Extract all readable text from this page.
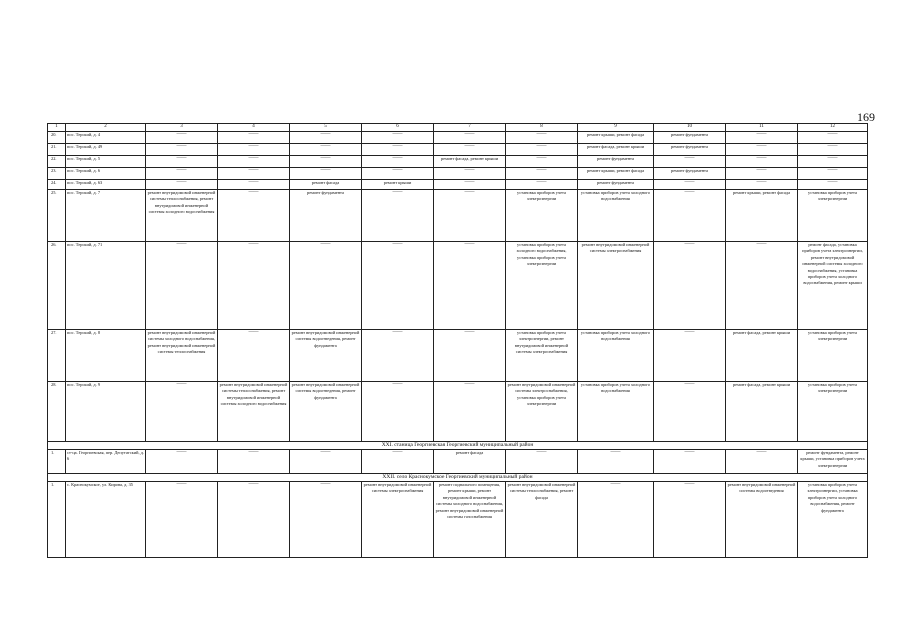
169
1	2	3	4	5	6	7	8	9	10	11	12
20.	пос. Терский, д. 4	——	——	——	——	——	——	ремонт крыши, ремонт фасада	ремонт фундамента	——	——

21.	пос. Терский, д. 49	——	——	——	——	——	——	ремонт фасада, ремонт крыши	ремонт фундамента	——	——

22.	пос. Терский, д. 5	——	——	——	——	ремонт фасада, ремонт крыши	——	ремонт фундамента	——	——	——

23.	пос. Терский, д. 6	——	——	——	——	——	——	ремонт крыши, ремонт фасада	ремонт фундамента	——	——

24.	пос. Терский, д. 63	——	——	ремонт фасада	ремонт крыши	——	——	ремонт фундамента	——	——	——

25.	пос. Терский, д. 7	ремонт внутридомовой инженерной системы теплоснабжения, ремонт внутридомовой инженерной системы холодного водоснабжения	——	ремонт фундамента	——	——	установка приборов учета электроэнергии	установка приборов учета холодного водоснабжения	——	ремонт крыши, ремонт фасада	установка приборов учета электроэнергии
26.	пос. Терский, д. 71	——	——	——	——	——	установка приборов учета холодного водоснабжения, установка приборов учета электроэнергии	ремонт внутридомовой инженерной системы электроснабжения	——	——	ремонт фасада, установка приборов учета электроэнергии, ремонт внутридомовой инженерной системы холодного водоснабжения, установка приборов учета холодного водоснабжения, ремонт крыши
27.	пос. Терский, д. 8	ремонт внутридомовой инженерной системы холодного водоснабжения, ремонт внутридомовой инженерной системы теплоснабжения	——	ремонт внутридомовой инженерной системы водоотведения, ремонт фундамента	——	——	установка приборов учета электроэнергии, ремонт внутридомовой инженерной системы электроснабжения	установка приборов учета холодного водоснабжения	——	ремонт фасада, ремонт крыши	установка приборов учета электроэнергии
28.	пос. Терский, д. 9	——	ремонт внутридомовой инженерной системы теплоснабжения, ремонт внутридомовой инженерной системы холодного водоснабжения	ремонт внутридомовой инженерной системы водоотведения, ремонт фундамента	——	——	ремонт внутридомовой инженерной системы электроснабжения, установка приборов учета электроэнергии	установка приборов учета холодного водоснабжения	——	ремонт фасада, ремонт крыши	установка приборов учета электроэнергии
XXI. станица Георгиевская Георгиевский муниципальный район											
1.	ст-ца. Георгиевская, пер. Депутатский, д. 6	——	——	——	——	ремонт фасада	——	——	——	——	ремонт фундамента, ремонт крыши, установка приборов учета электроэнергии
XXII. село Краснокумское Георгиевский муниципальный район											
1.	с. Краснокумское, ул. Кирова, д. 35	——	——	——	ремонт внутридомовой инженерной системы электроснабжения	ремонт подвального помещения, ремонт крыши, ремонт внутридомовой инженерной системы холодного водоснабжения, ремонт внутридомовой инженерной системы газоснабжения	ремонт внутридомовой инженерной системы теплоснабжения, ремонт фасада	——	——	ремонт внутридомовой инженерной системы водоотведения	установка приборов учета электроэнергии, установка приборов учета холодного водоснабжения, ремонт фундамента
